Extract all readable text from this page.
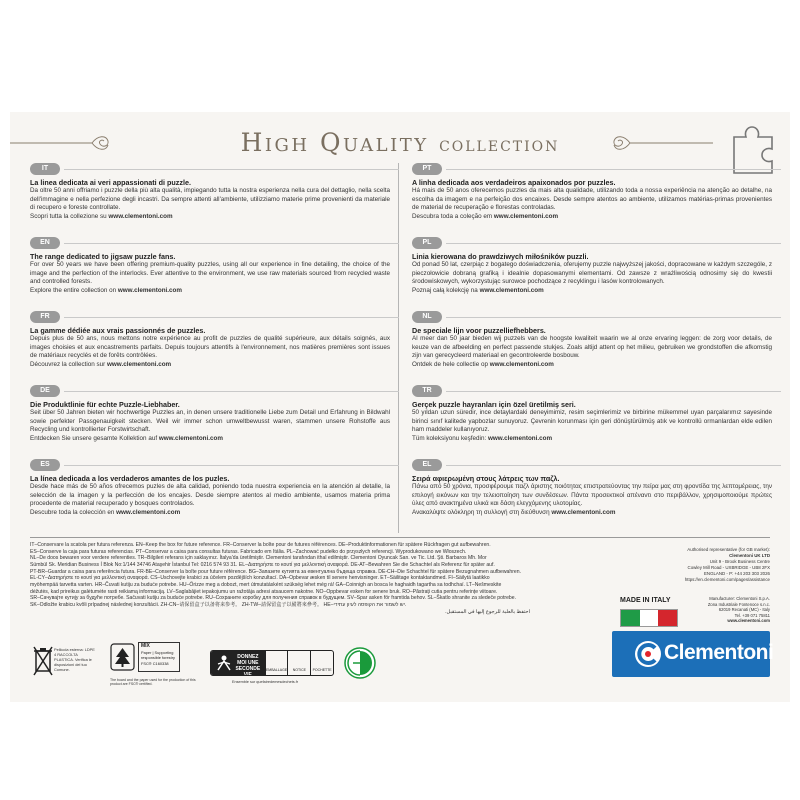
High Quality collection
IT
La linea dedicata ai veri appassionati di puzzle.
Da oltre 50 anni offriamo i puzzle della più alta qualità, impiegando tutta la nostra esperienza nella cura del dettaglio, nella scelta dell'immagine e nella perfezione degli incastri. Da sempre attenti all'ambiente, utilizziamo materie prime provenienti da materiale di recupero e foreste controllate.
Scopri tutta la collezione su www.clementoni.com
EN
The range dedicated to jigsaw puzzle fans.
For over 50 years we have been offering premium-quality puzzles, using all our experience in fine detailing, the choice of the image and the perfection of the interlocks. Ever attentive to the environment, we use raw materials sourced from recycled waste and controlled forests.
Explore the entire collection on www.clementoni.com
FR
La gamme dédiée aux vrais passionnés de puzzles.
Depuis plus de 50 ans, nous mettons notre expérience au profit de puzzles de qualité supérieure, aux détails soignés, aux images choisies et aux encastrements parfaits. Depuis toujours attentifs à l'environnement, nos matières premières sont issues de matériaux recyclés et de forêts contrôlées.
Découvrez la collection sur www.clementoni.com
DE
Die Produktlinie für echte Puzzle-Liebhaber.
Seit über 50 Jahren bieten wir hochwertige Puzzles an, in denen unsere traditionelle Liebe zum Detail und Erfahrung in Bildwahl sowie perfekter Passgenauigkeit stecken. Weil wir immer schon umweltbewusst waren, stammen unsere Rohstoffe aus Recycling und kontrollierter Forstwirtschaft.
Entdecken Sie unsere gesamte Kollektion auf www.clementoni.com
ES
La línea dedicada a los verdaderos amantes de los puzles.
Desde hace más de 50 años ofrecemos puzles de alta calidad, poniendo toda nuestra experiencia en la atención al detalle, la selección de la imagen y la perfección de los encajes. Desde siempre atentos al medio ambiente, usamos materia prima procedente de material recuperado y bosques controlados.
Descubre toda la colección en www.clementoni.com
PT
A linha dedicada aos verdadeiros apaixonados por puzzles.
Há mais de 50 anos oferecemos puzzles da mais alta qualidade, utilizando toda a nossa experiência na atenção ao detalhe, na escolha da imagem e na perfeição dos encaixes. Desde sempre atentos ao ambiente, utilizamos matérias-primas provenientes de material de recuperação e florestas controladas.
Descubra toda a coleção em www.clementoni.com
PL
Linia kierowana do prawdziwych miłośników puzzli.
Od ponad 50 lat, czerpiąc z bogatego doświadczenia, oferujemy puzzle najwyższej jakości, dopracowane w każdym szczególe, z pieczołowicie dobraną grafiką i idealnie dopasowanymi elementami. Od zawsze z wrażliwością odnosimy się do kwestii środowiskowych, wykorzystując surowce pochodzące z recyklingu i lasów kontrolowanych.
Poznaj całą kolekcję na www.clementoni.com
NL
De speciale lijn voor puzzelliefhebbers.
Al meer dan 50 jaar bieden wij puzzels van de hoogste kwaliteit waarin we al onze ervaring leggen: de zorg voor details, de keuze van de afbeelding en perfect passende stukjes. Zoals altijd attent op het milieu, gebruiken we grondstoffen die afkomstig zijn van gerecycleerd materiaal en gecontroleerde bosbouw.
Ontdek de hele collectie op www.clementoni.com
TR
Gerçek puzzle hayranları için özel üretilmiş seri.
50 yıldan uzun süredir, ince detaylardaki deneyimimiz, resim seçimlerimiz ve birbirine mükemmel uyan parçalarımız sayesinde birinci sınıf kalitede yapbozlar sunuyoruz. Çevrenin korunması için geri dönüştürülmüş atık ve kontrollü ormanlardan elde edilen ham maddeler kullanıyoruz.
Tüm koleksiyonu keşfedin: www.clementoni.com
EL
Σειρά αφιερωμένη στους λάτρεις των παζλ.
Πάνω από 50 χρόνια, προσφέρουμε παζλ άριστης ποιότητας επιστρατεύοντας την πείρα μας στη φροντίδα της λεπτομέρειας, την επιλογή εικόνων και την τελειοποίηση των συνδέσεων. Πάντα προσεκτικοί απέναντι στο περιβάλλον, χρησιμοποιούμε πρώτες ύλες από ανακτημένα υλικά και δάση ελεγχόμενης υλοτομίας.
Ανακαλύψτε ολόκληρη τη συλλογή στη διεύθυνση www.clementoni.com
IT–Conservare la scatola per futura referenza. EN–Keep the box for future reference. FR–Conserver la boîte pour de futures références. DE–Produktinformationen für spätere Rückfragen gut aufbewahren.
ES–Conserve la caja para futuras referencias. PT–Conservar a caixa para consultas futuras. Fabricado em Itália. PL–Zachować pudełko do przyszłych referencji. Wyprodukowano we Włoszech.
NL–De doos bewaren voor verdere referenties. TR–Bilgileri referans için saklayınız. İtalya'da üretilmiştir. Clementoni tarafından ithal edilmiştir. Clementoni Oyuncak San. ve Tic. Ltd. Şti. Barbaros Mh. Mor
Sümbül Sk. Meridian Business İ Blok No:1/144 34746 Ataşehir İstanbul Tel: 0216 574 93 31. EL–Διατηρήστε το κουτί για μελλοντική αναφορά. DE-AT–Bewahren Sie die Schachtel als Referenz für später auf.
PT-BR–Guardar a caixa para referência futura. FR-BE–Conserver la boîte pour future référence. BG–Запазете кутията за евентуална бъдеща справка. DE-CH–Die Schachtel für spätere Bezugnahmen aufbewahren.
EL-CY–Διατηρήστε το κουτί για μελλοντική αναφορά. CS–Uschovejte krabici za účelem pozdějších konzultací. DA–Opbevar æsken til senere henvisninger. ET–Säilitage kontaktandmed. FI–Säilytä laatikko
myöhempää tarvetta varten. HR–Čuvati kutiju za buduće potrebe. HU–Őrizze meg a dobozt, mert útmutatásként szükség lehet még rá! GA–Coinnigh an bosca le haghaidh tagartha sa todhchaí. LT–Nešmeskite
dėžutės, kad prireikus galėtumėte rasti reikiamą informaciją. LV–Saglabājiet iepakojumu un ražotāja adresi atsaucem nakotne. NO–Oppbevar esken for senere bruk. RO–Păstrați cutia pentru referințe viitoare.
SR–Сачувајте кутију за будуће потребе. Sačuvati kutiju za buduće potrebe. RU–Сохраните коробку для получения справок в будущем. SV–Spar asken för framtida behov. SL–Škatlo shranite za sledeče potrebe.
SK–Odložte krabicu kvôli prípadnej následnej konzultácii. ZH-CN–请保留盒子以备将来参考。 ZH-TW–請保留盒子以備將來參考。 HE–יש לשמור את הקופסה לעיון עתידי.
احتفظ بالعلبة للرجوع إليها في المستقبل.
Authorised representative (for GB market):
Clementoni UK LTD
Unit 9 - Brook Business Centre
Cowley Mill Road - UXBRIDGE - UB8 2FX
ENGLAND - P: +44 203 303 2026
https://en.clementoni.com/pages/assistance
MADE IN ITALY	Manufacturer: Clementoni S.p.A.
Zona Industriale Fontenoce s.n.c.
62019 Recanati (MC) - Italy
Tel. +39 071 75811
www.clementoni.com
Pellicola esterna: LDPE 4 RACCOLTA PLASTICA. Verifica le disposizioni del tuo Comune.
MIX
Paper | Supporting
responsible forestry
FSC® C160338
The board and the paper used for the production of this product are FSC® certified.
DONNEZ
MOI UNE
SECONDE VIE
EMBALLAGE	NOTICE	POCHETTE
Ensemble sur quefairedemesdechets.fr
Clementoni
